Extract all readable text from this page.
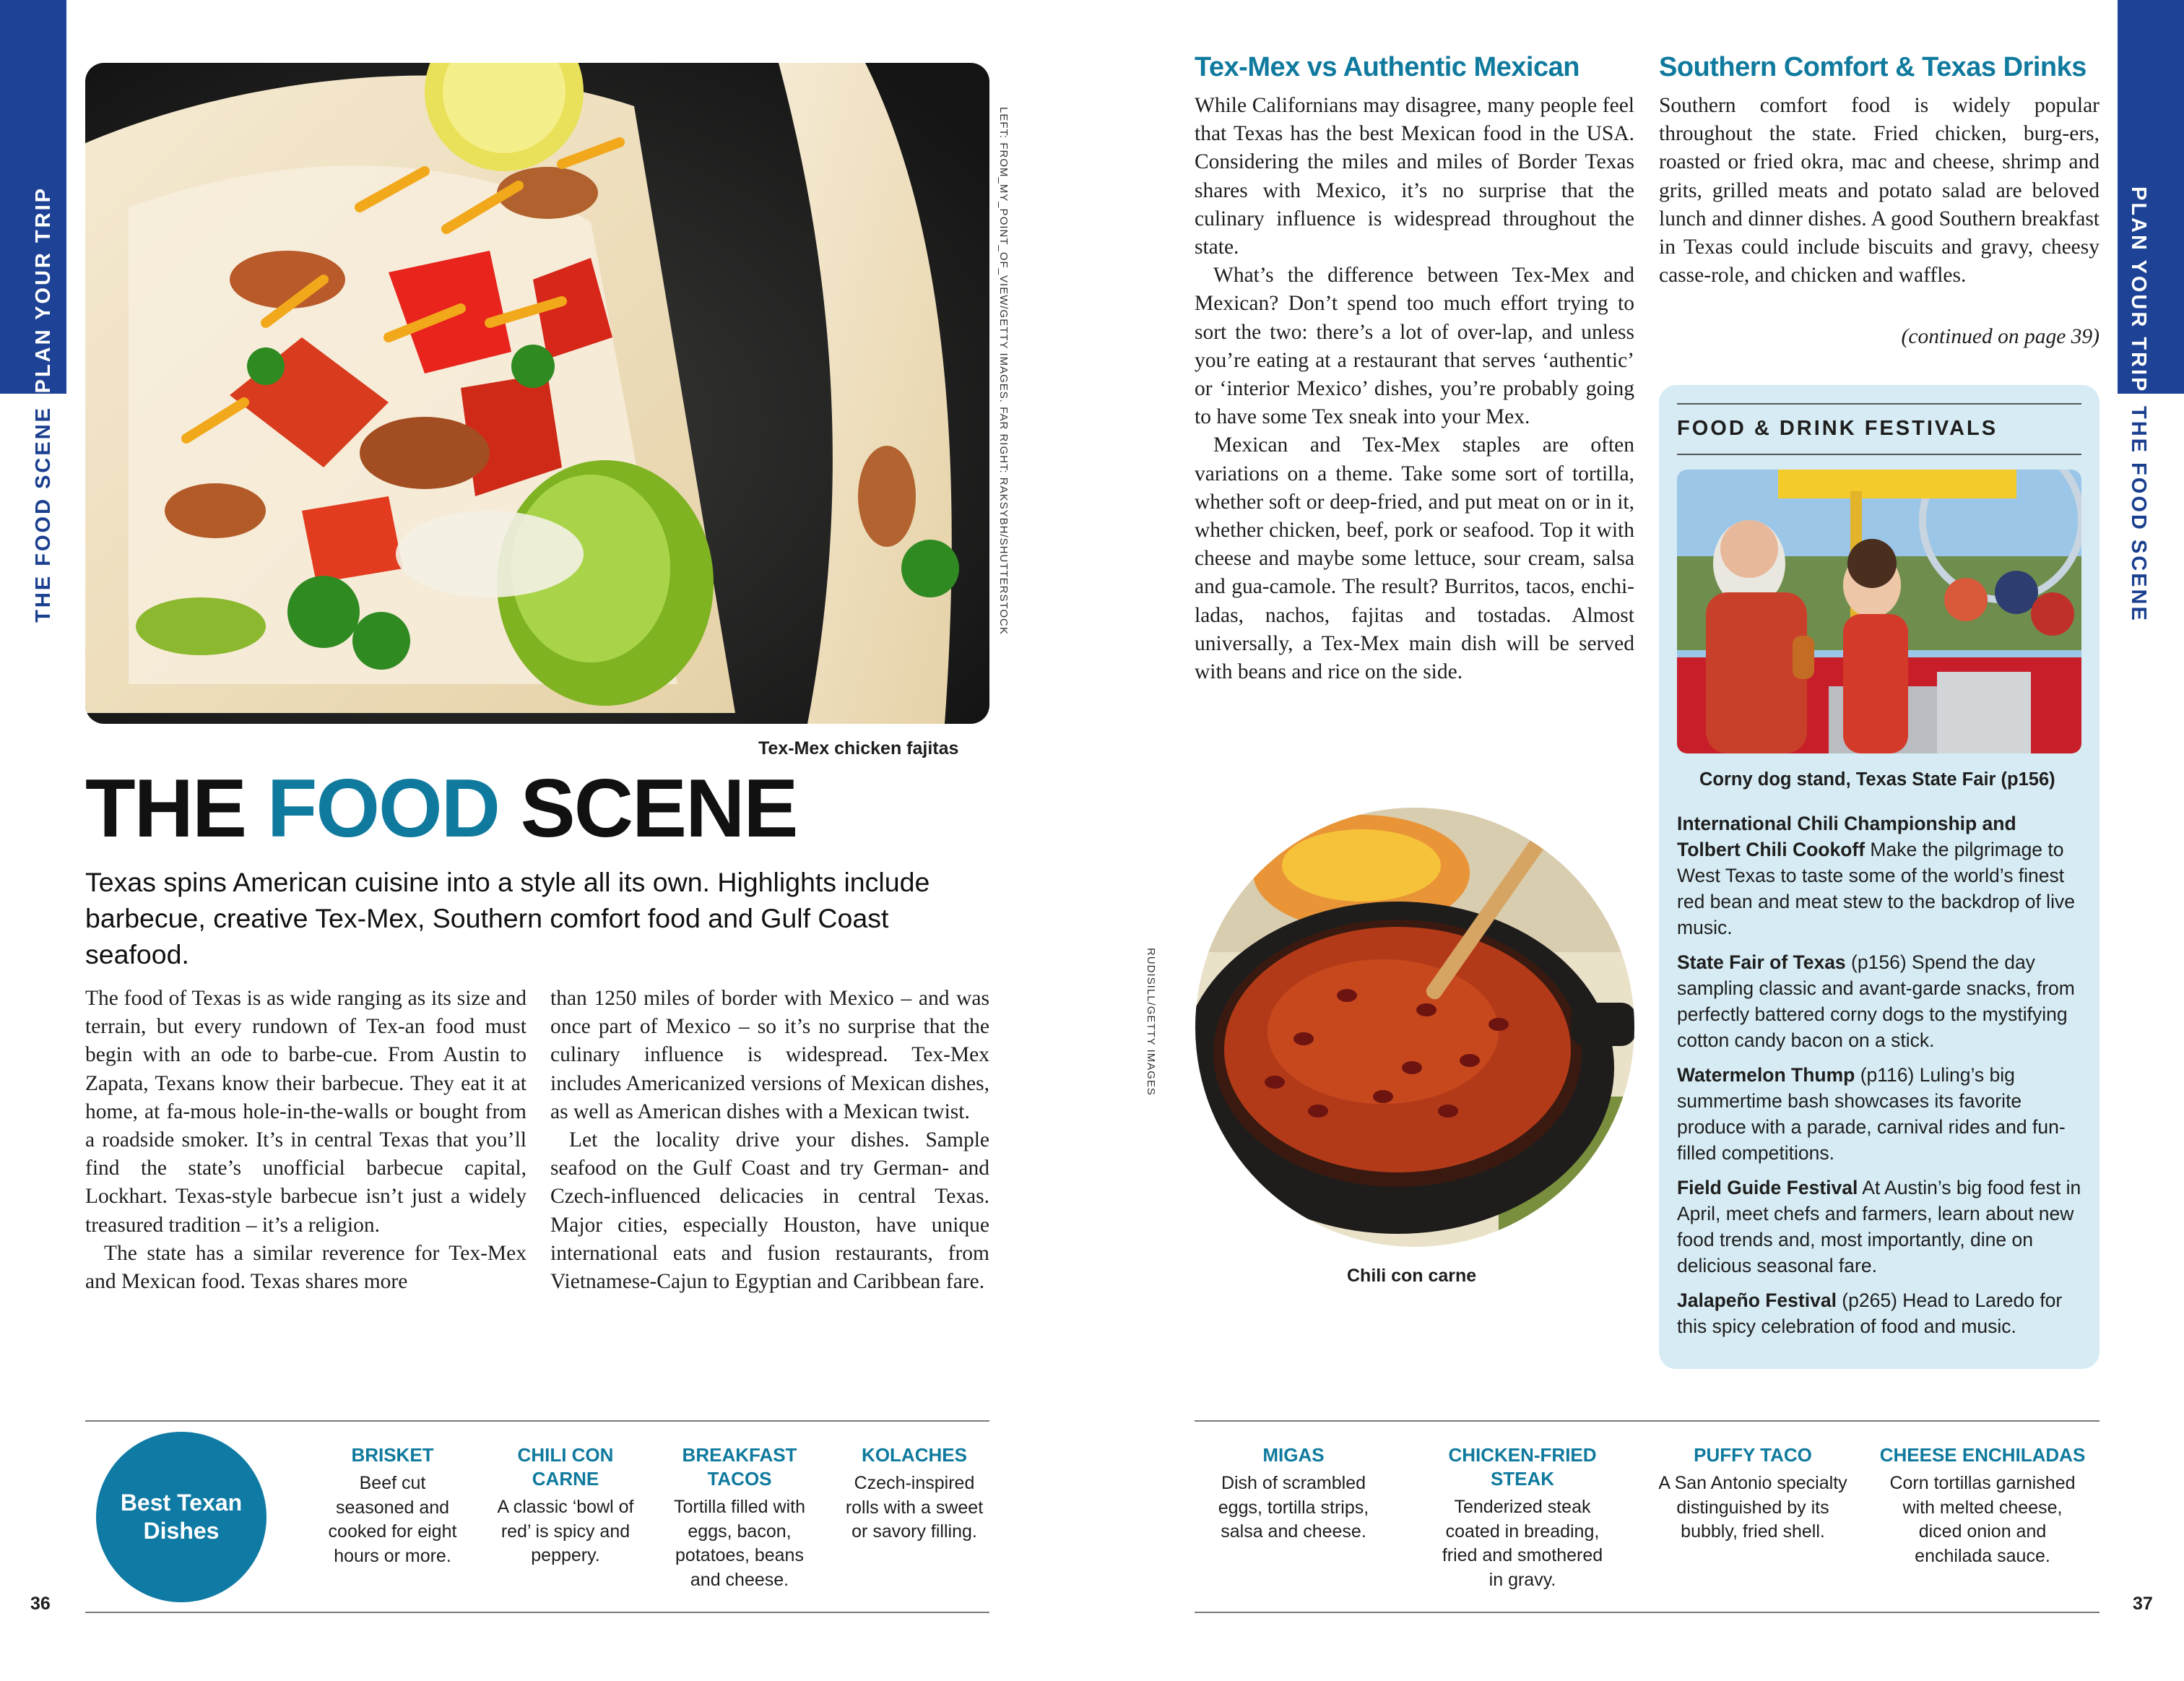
PLAN YOUR TRIP
THE FOOD SCENE	LEFT: FROM_MY_POINT_OF_VIEW/GETTY IMAGES. FAR RIGHT: RAKSYBH/SHUTTERSTOCK
Tex-Mex chicken fajitas
THE FOOD SCENE
Texas spins American cuisine into a style all its own. Highlights include barbecue, creative Tex-Mex, Southern comfort food and Gulf Coast seafood.

The food of Texas is as wide ranging as its size and terrain, but every rundown of Tex-an food must begin with an ode to barbe-cue. From Austin to Zapata, Texans know their barbecue. They eat it at home, at fa-mous hole-in-the-walls or bought from a roadside smoker. It’s in central Texas that you’ll find the state’s unofficial barbecue capital, Lockhart. Texas-style barbecue isn’t just a widely treasured tradition – it’s a religion.

The state has a similar reverence for Tex-Mex and Mexican food. Texas shares more

than 1250 miles of border with Mexico – and was once part of Mexico – so it’s no surprise that the culinary influence is widespread. Tex-Mex includes Americanized versions of Mexican dishes, as well as American dishes with a Mexican twist.

Let the locality drive your dishes. Sample seafood on the Gulf Coast and try German- and Czech-influenced delicacies in central Texas. Major cities, especially Houston, have unique international eats and fusion restaurants, from Vietnamese-Cajun to Egyptian and Caribbean fare.

Best Texan Dishes
BRISKET
Beef cut seasoned and cooked for eight hours or more.
CHILI CON CARNE
A classic ‘bowl of red’ is spicy and peppery.
BREAKFAST TACOS
Tortilla filled with eggs, bacon, potatoes, beans and cheese.
KOLACHES
Czech-inspired rolls with a sweet or savory filling.
36
RUDISILL/GETTY IMAGES
Tex-Mex vs Authentic Mexican

While Californians may disagree, many people feel that Texas has the best Mexican food in the USA. Considering the miles and miles of Border Texas shares with Mexico, it’s no surprise that the culinary influence is widespread throughout the state.

What’s the difference between Tex-Mex and Mexican? Don’t spend too much effort trying to sort the two: there’s a lot of over-lap, and unless you’re eating at a restaurant that serves ‘authentic’ or ‘interior Mexico’ dishes, you’re probably going to have some Tex sneak into your Mex.

Mexican and Tex-Mex staples are often variations on a theme. Take some sort of tortilla, whether soft or deep-fried, and put meat on or in it, whether chicken, beef, pork or seafood. Top it with cheese and maybe some lettuce, sour cream, salsa and gua-camole. The result? Burritos, tacos, enchi-ladas, nachos, fajitas and tostadas. Almost universally, a Tex-Mex main dish will be served with beans and rice on the side.

Chili con carne
Southern Comfort & Texas Drinks

Southern comfort food is widely popular throughout the state. Fried chicken, burg-ers, roasted or fried okra, mac and cheese, shrimp and grits, grilled meats and potato salad are beloved lunch and dinner dishes. A good Southern breakfast in Texas could include biscuits and gravy, cheesy casse-role, and chicken and waffles.

(continued on page 39)
FOOD & DRINK FESTIVALS
Corny dog stand, Texas State Fair (p156)

International Chili Championship and Tolbert Chili Cookoff Make the pilgrimage to West Texas to taste some of the world’s finest red bean and meat stew to the backdrop of live music.

State Fair of Texas (p156) Spend the day sampling classic and avant-garde snacks, from perfectly battered corny dogs to the mystifying cotton candy bacon on a stick.

Watermelon Thump (p116) Luling’s big summertime bash showcases its favorite produce with a parade, carnival rides and fun-filled competitions.

Field Guide Festival At Austin’s big food fest in April, meet chefs and farmers, learn about new food trends and, most importantly, dine on delicious seasonal fare.

Jalapeño Festival (p265) Head to Laredo for this spicy celebration of food and music.

PLAN YOUR TRIP
THE FOOD SCENE
MIGAS
Dish of scrambled eggs, tortilla strips, salsa and cheese.
CHICKEN-FRIED STEAK
Tenderized steak coated in breading, fried and smothered in gravy.
PUFFY TACO
A San Antonio specialty distinguished by its bubbly, fried shell.
CHEESE ENCHILADAS
Corn tortillas garnished with melted cheese, diced onion and enchilada sauce.
37
